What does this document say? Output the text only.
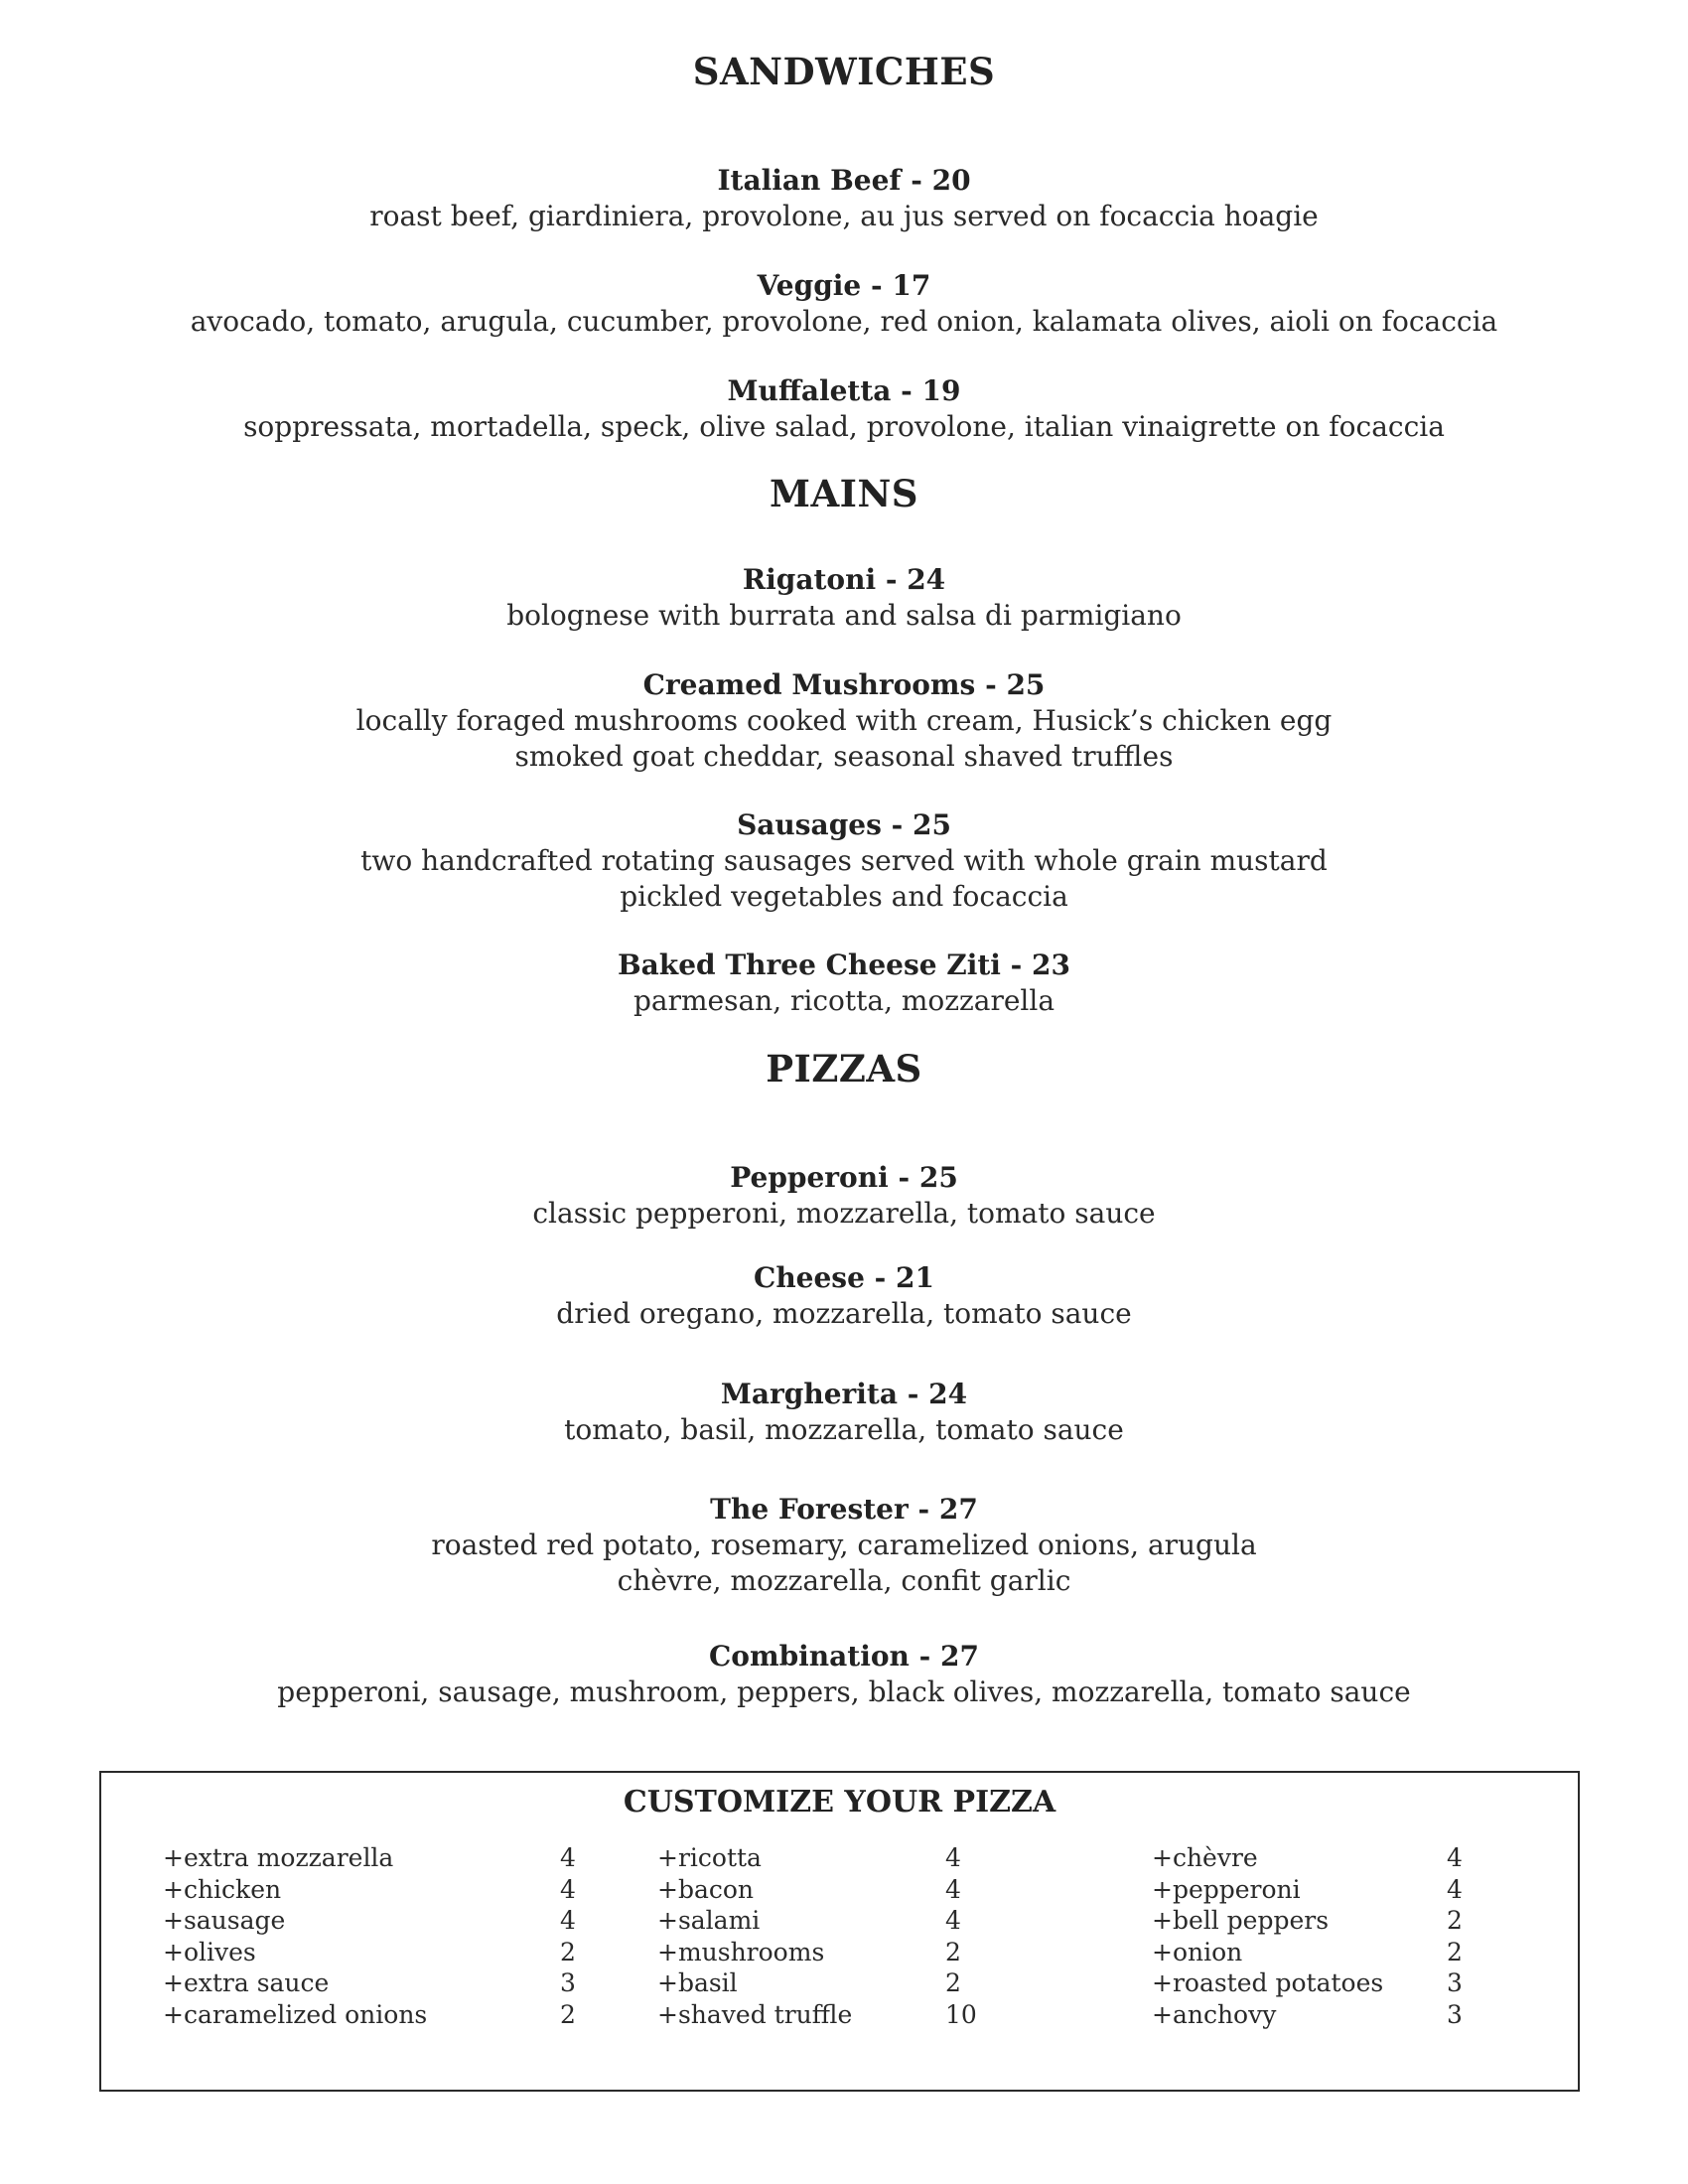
SANDWICHES
Italian Beef - 20
roast beef, giardiniera, provolone, au jus served on focaccia hoagie
Veggie - 17
avocado, tomato, arugula, cucumber, provolone, red onion, kalamata olives, aioli on focaccia
Muffaletta - 19
soppressata, mortadella, speck, olive salad, provolone, italian vinaigrette on focaccia
MAINS
Rigatoni - 24
bolognese with burrata and salsa di parmigiano
Creamed Mushrooms - 25
locally foraged mushrooms cooked with cream, Husick’s chicken egg
smoked goat cheddar, seasonal shaved truffles
Sausages - 25
two handcrafted rotating sausages served with whole grain mustard
pickled vegetables and focaccia
Baked Three Cheese Ziti - 23
parmesan, ricotta, mozzarella
PIZZAS
Pepperoni - 25
classic pepperoni, mozzarella, tomato sauce
Cheese - 21
dried oregano, mozzarella, tomato sauce
Margherita - 24
tomato, basil, mozzarella, tomato sauce
The Forester - 27
roasted red potato, rosemary, caramelized onions, arugula
chèvre, mozzarella, confit garlic
Combination - 27
pepperoni, sausage, mushroom, peppers, black olives, mozzarella, tomato sauce
CUSTOMIZE YOUR PIZZA
+extra mozzarella	4
+chicken	4
+sausage	4
+olives	2
+extra sauce	3
+caramelized onions	2
+ricotta	4
+bacon	4
+salami	4
+mushrooms	2
+basil	2
+shaved truffle	10
+chèvre	4
+pepperoni	4
+bell peppers	2
+onion	2
+roasted potatoes	3
+anchovy	3
